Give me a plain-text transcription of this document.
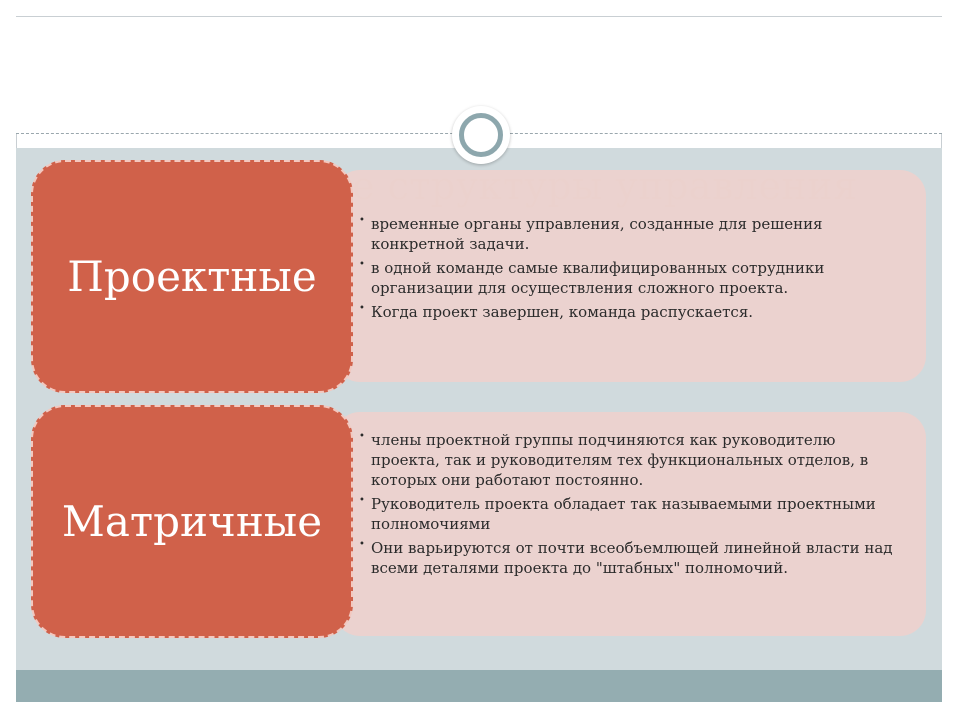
Проектные
Матричные
• временные органы управления, созданные для решения конкретной задачи.
• в одной команде самые квалифицированных сотрудники организации для осуществления сложного проекта.
• Когда проект завершен, команда распускается.
• члены проектной группы подчиняются как руководителю проекта, так и руководителям тех функциональных отделов, в которых они работают постоянно.
• Руководитель проекта обладает так называемыми проектными полномочиями
• Они варьируются от почти всеобъемлющей линейной власти над всеми деталями проекта до "штабных" полномочий.
